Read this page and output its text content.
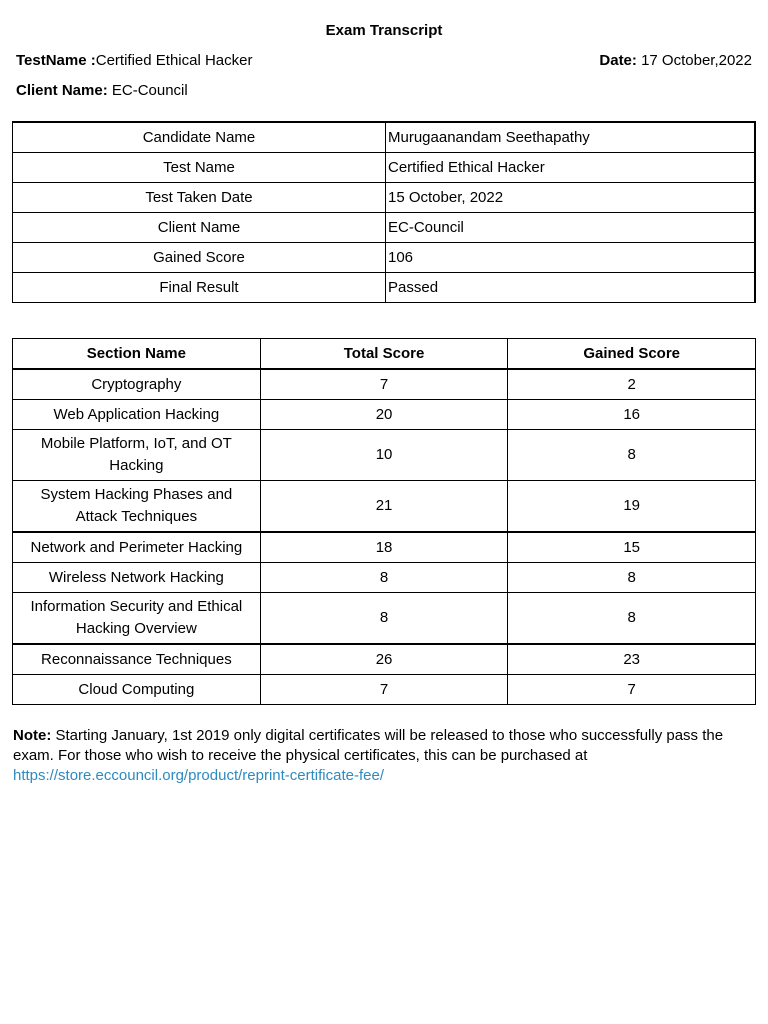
Exam Transcript
TestName :Certified Ethical Hacker	Date: 17 October,2022
Client Name: EC-Council
Candidate Name	Murugaanandam Seethapathy
Test Name	Certified Ethical Hacker
Test Taken Date	15 October, 2022
Client Name	EC-Council
Gained Score	106
Final Result	Passed
Section Name	Total Score	Gained Score
Cryptography	7	2
Web Application Hacking	20	16
Mobile Platform, IoT, and OT
Hacking	10	8
System Hacking Phases and
Attack Techniques	21	19
Network and Perimeter Hacking	18	15
Wireless Network Hacking	8	8
Information Security and Ethical
Hacking Overview	8	8
Reconnaissance Techniques	26	23
Cloud Computing	7	7
Note: Starting January, 1st 2019 only digital certificates will be released to those who successfully pass the exam. For those who wish to receive the physical certificates, this can be purchased at
https://store.eccouncil.org/product/reprint-certificate-fee/
